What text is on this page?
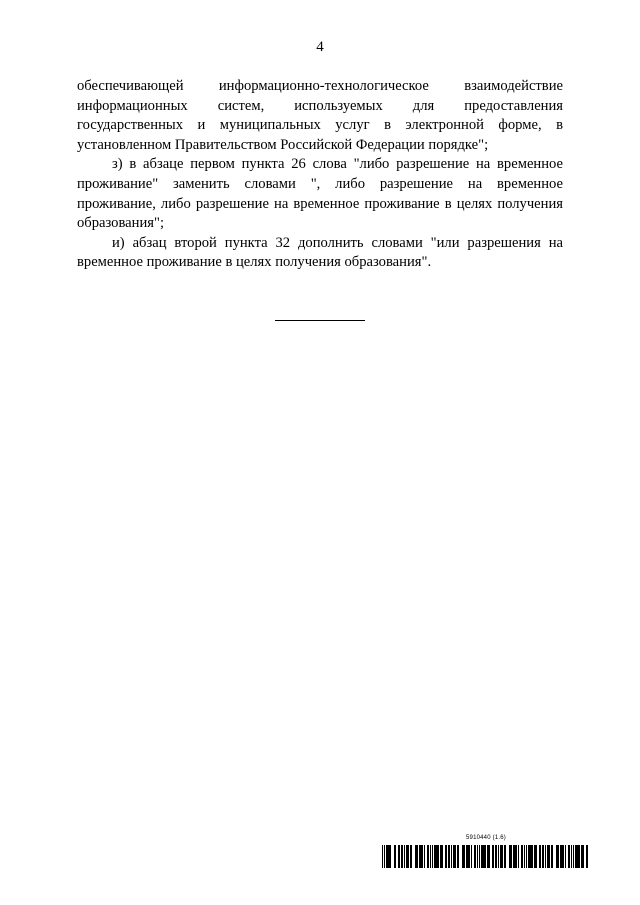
4

обеспечивающей информационно-технологическое взаимодействие информационных систем, используемых для предоставления государственных и муниципальных услуг в электронной форме, в установленном Правительством Российской Федерации порядке";

з) в абзаце первом пункта 26 слова "либо разрешение на временное проживание" заменить словами ", либо разрешение на временное проживание, либо разрешение на временное проживание в целях получения образования";

и) абзац второй пункта 32 дополнить словами "или разрешения на временное проживание в целях получения образования".

5910440 (1.6)
